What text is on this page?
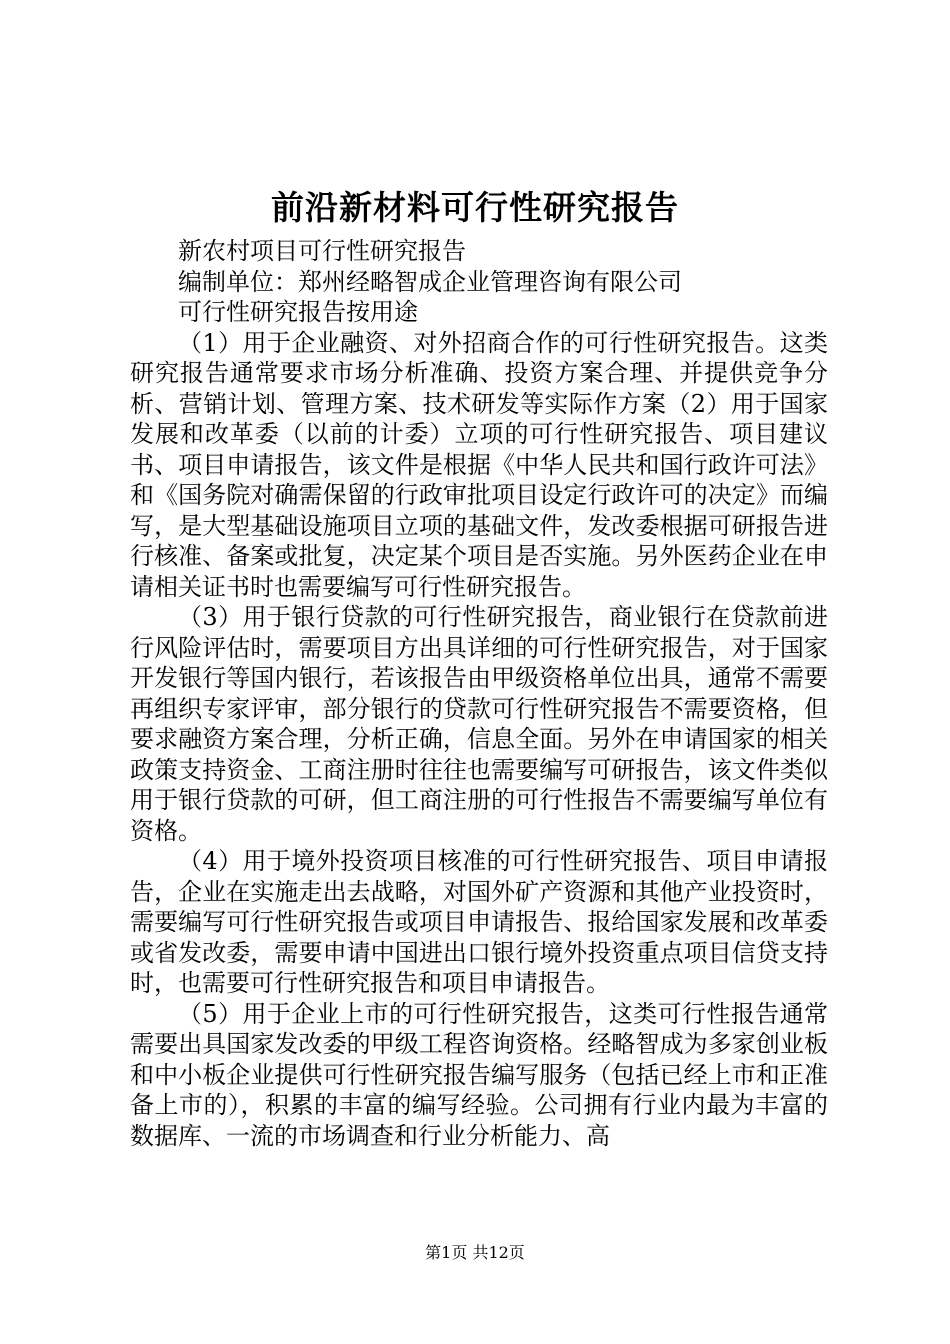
前沿新材料可行性研究报告

新农村项目可行性研究报告

编制单位：郑州经略智成企业管理咨询有限公司

可行性研究报告按用途

（1）用于企业融资、对外招商合作的可行性研究报告。这类研究报告通常要求市场分析准确、投资方案合理、并提供竞争分析、营销计划、管理方案、技术研发等实际作方案（2）用于国家发展和改革委（以前的计委）立项的可行性研究报告、项目建议书、项目申请报告，该文件是根据《中华人民共和国行政许可法》和《国务院对确需保留的行政审批项目设定行政许可的决定》而编写，是大型基础设施项目立项的基础文件，发改委根据可研报告进行核准、备案或批复，决定某个项目是否实施。另外医药企业在申请相关证书时也需要编写可行性研究报告。

（3）用于银行贷款的可行性研究报告，商业银行在贷款前进行风险评估时，需要项目方出具详细的可行性研究报告，对于国家开发银行等国内银行，若该报告由甲级资格单位出具，通常不需要再组织专家评审，部分银行的贷款可行性研究报告不需要资格，但要求融资方案合理，分析正确，信息全面。另外在申请国家的相关政策支持资金、工商注册时往往也需要编写可研报告，该文件类似用于银行贷款的可研，但工商注册的可行性报告不需要编写单位有资格。

（4）用于境外投资项目核准的可行性研究报告、项目申请报告，企业在实施走出去战略，对国外矿产资源和其他产业投资时，需要编写可行性研究报告或项目申请报告、报给国家发展和改革委或省发改委，需要申请中国进出口银行境外投资重点项目信贷支持时，也需要可行性研究报告和项目申请报告。

（5）用于企业上市的可行性研究报告，这类可行性报告通常需要出具国家发改委的甲级工程咨询资格。经略智成为多家创业板和中小板企业提供可行性研究报告编写服务（包括已经上市和正准备上市的），积累的丰富的编写经验。公司拥有行业内最为丰富的数据库、一流的市场调查和行业分析能力、高

第1页 共12页
